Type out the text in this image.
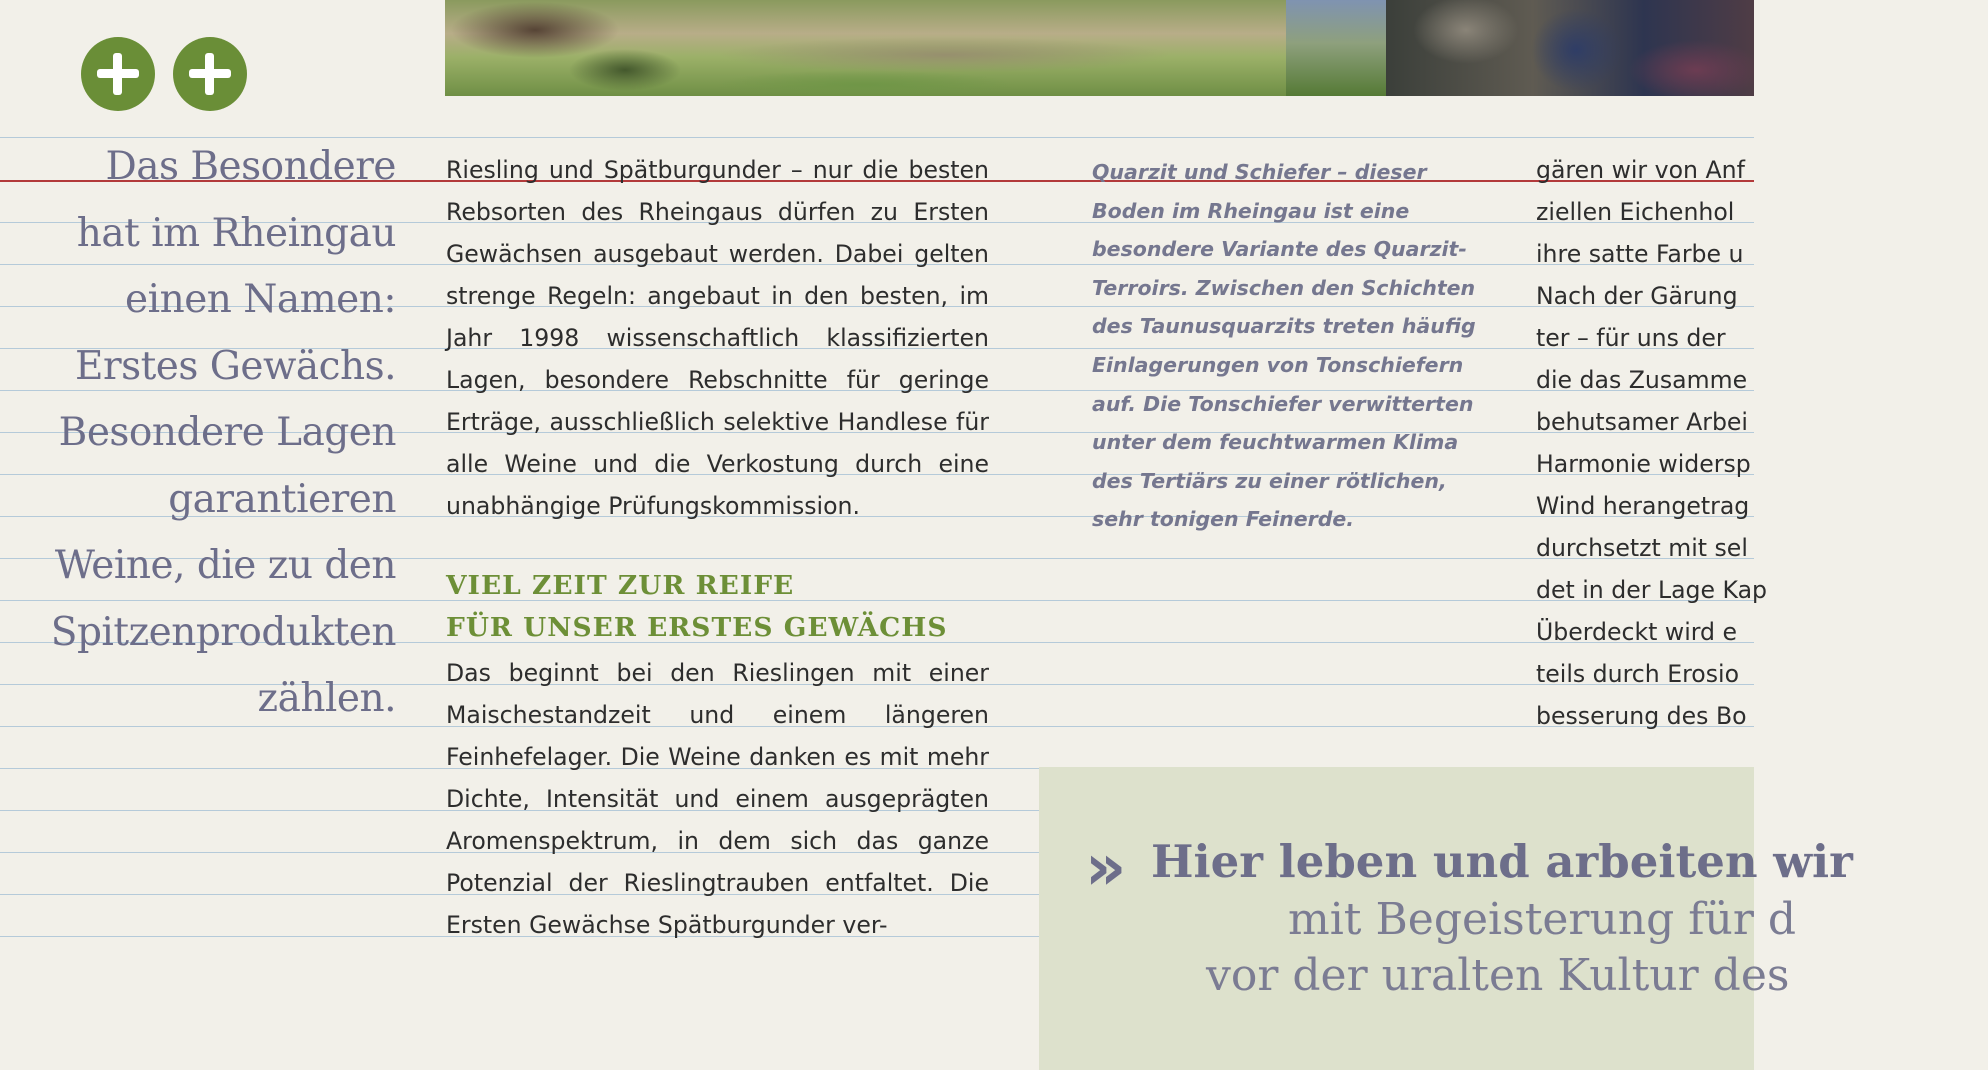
Das Besondere
hat im Rheingau
einen Namen:
Erstes Gewächs.
Besondere Lagen
garantieren
Weine, die zu den
Spitzenprodukten
zählen.

Riesling und Spätburgunder – nur die besten Rebsorten des Rheingaus dürfen zu Ersten Gewächsen ausgebaut werden. Dabei gelten strenge Regeln: angebaut in den besten, im Jahr 1998 wissenschaftlich klassifizierten Lagen, besondere Rebschnitte für geringe Erträge, ausschließlich selektive Handlese für alle Weine und die Verkostung durch eine unabhängige Prüfungskommission.

VIEL ZEIT ZUR REIFE
FÜR UNSER ERSTES GEWÄCHS

Das beginnt bei den Rieslingen mit einer Maischestandzeit und einem längeren Feinhefelager. Die Weine danken es mit mehr Dichte, Intensität und einem ausgeprägten Aromenspektrum, in dem sich das ganze Potenzial der Rieslingtrauben entfaltet. Die Ersten Gewächse Spätburgunder ver-

Quarzit und Schiefer – dieser Boden im Rheingau ist eine besondere Variante des Quarzit-Terroirs. Zwischen den Schichten des Taunusquarzits treten häufig Einlagerungen von Tonschiefern auf. Die Tonschiefer verwitterten unter dem feuchtwarmen Klima des Tertiärs zu einer rötlichen, sehr tonigen Feinerde.

gären wir von Anf

ziellen Eichenhol

ihre satte Farbe u

Nach der Gärung

ter – für uns der

die das Zusamme

behutsamer Arbei

Harmonie widersp

Wind herangetrag

durchsetzt mit sel

det in der Lage Kap

Überdeckt wird e

teils durch Erosio

besserung des Bo

» Hier leben und arbeiten wir

mit Begeisterung für d

vor der uralten Kultur des
